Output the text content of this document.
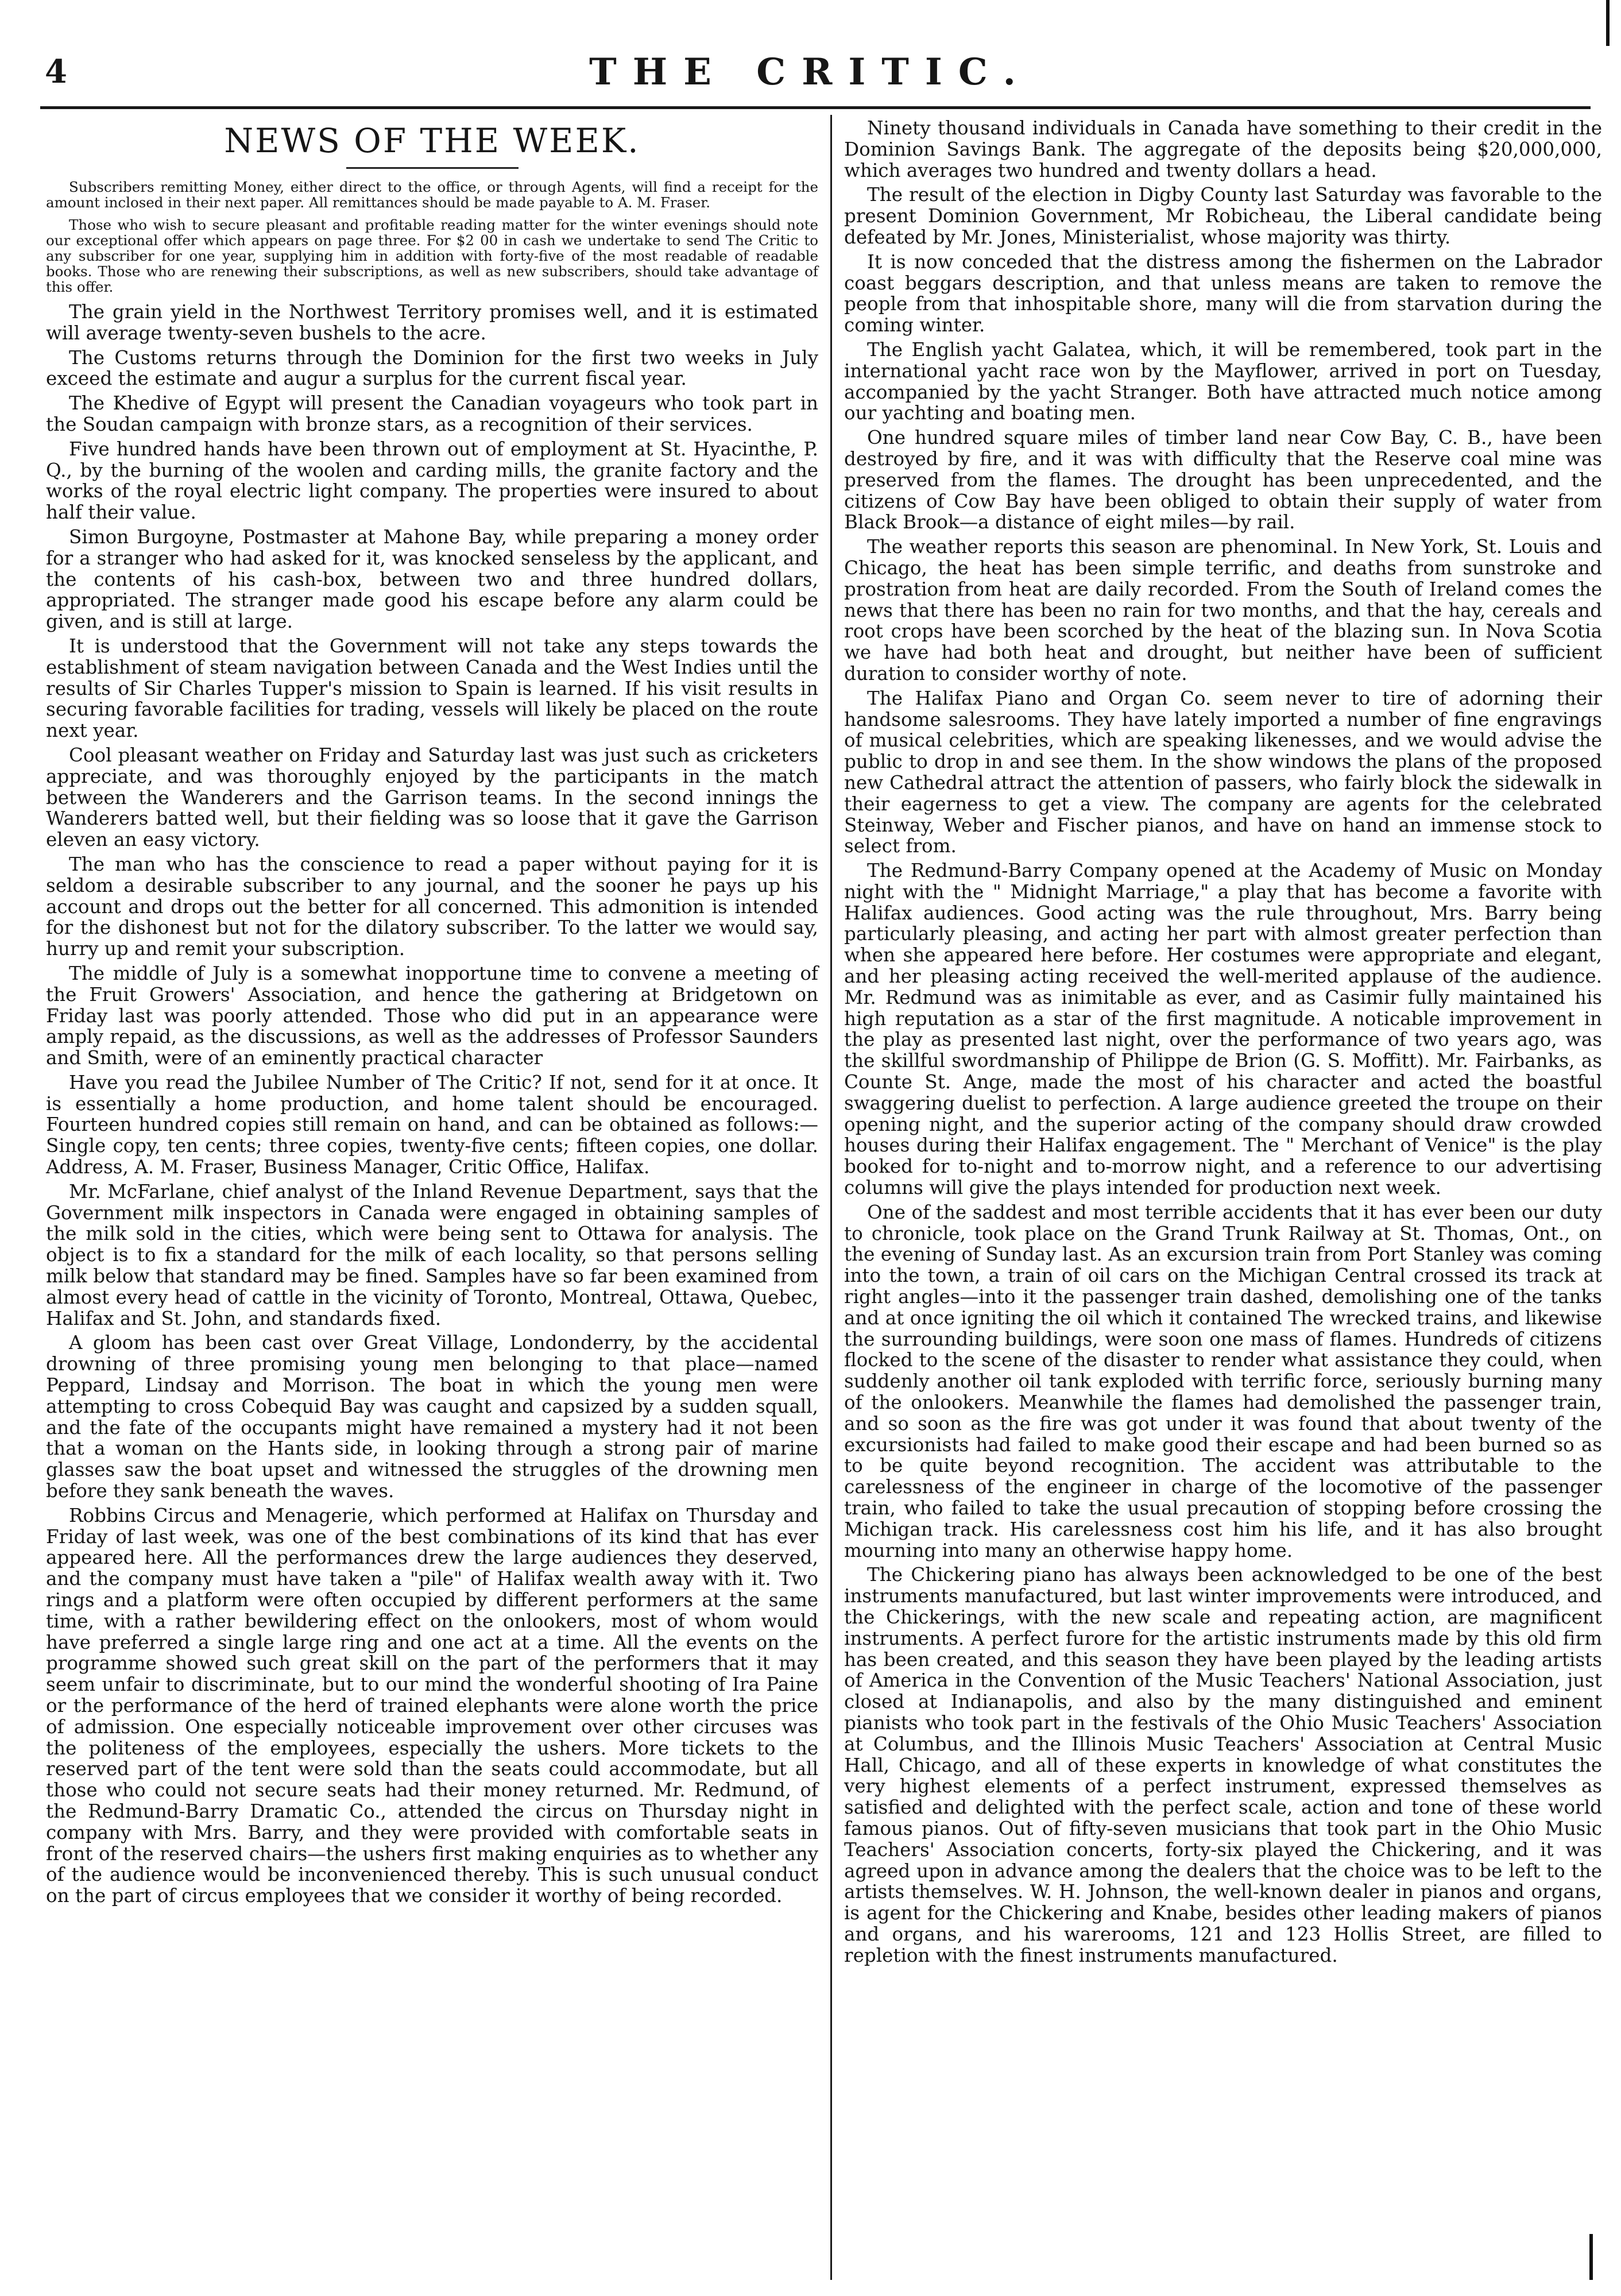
4	THE CRITIC.
NEWS OF THE WEEK.

Subscribers remitting Money, either direct to the office, or through Agents, will find a receipt for the amount inclosed in their next paper. All remittances should be made payable to A. M. Fraser.

Those who wish to secure pleasant and profitable reading matter for the winter evenings should note our exceptional offer which appears on page three. For $2 00 in cash we undertake to send The Critic to any subscriber for one year, supplying him in addition with forty-five of the most readable of readable books. Those who are renewing their subscriptions, as well as new subscribers, should take advantage of this offer.

The grain yield in the Northwest Territory promises well, and it is estimated will average twenty-seven bushels to the acre.

The Customs returns through the Dominion for the first two weeks in July exceed the estimate and augur a surplus for the current fiscal year.

The Khedive of Egypt will present the Canadian voyageurs who took part in the Soudan campaign with bronze stars, as a recognition of their services.

Five hundred hands have been thrown out of employment at St. Hyacinthe, P. Q., by the burning of the woolen and carding mills, the granite factory and the works of the royal electric light company. The properties were insured to about half their value.

Simon Burgoyne, Postmaster at Mahone Bay, while preparing a money order for a stranger who had asked for it, was knocked senseless by the applicant, and the contents of his cash-box, between two and three hundred dollars, appropriated. The stranger made good his escape before any alarm could be given, and is still at large.

It is understood that the Government will not take any steps towards the establishment of steam navigation between Canada and the West Indies until the results of Sir Charles Tupper's mission to Spain is learned. If his visit results in securing favorable facilities for trading, vessels will likely be placed on the route next year.

Cool pleasant weather on Friday and Saturday last was just such as cricketers appreciate, and was thoroughly enjoyed by the participants in the match between the Wanderers and the Garrison teams. In the second innings the Wanderers batted well, but their fielding was so loose that it gave the Garrison eleven an easy victory.

The man who has the conscience to read a paper without paying for it is seldom a desirable subscriber to any journal, and the sooner he pays up his account and drops out the better for all concerned. This admonition is intended for the dishonest but not for the dilatory subscriber. To the latter we would say, hurry up and remit your subscription.

The middle of July is a somewhat inopportune time to convene a meeting of the Fruit Growers' Association, and hence the gathering at Bridgetown on Friday last was poorly attended. Those who did put in an appearance were amply repaid, as the discussions, as well as the addresses of Professor Saunders and Smith, were of an eminently practical character

Have you read the Jubilee Number of The Critic? If not, send for it at once. It is essentially a home production, and home talent should be encouraged. Fourteen hundred copies still remain on hand, and can be obtained as follows:—Single copy, ten cents; three copies, twenty-five cents; fifteen copies, one dollar. Address, A. M. Fraser, Business Manager, Critic Office, Halifax.

Mr. McFarlane, chief analyst of the Inland Revenue Department, says that the Government milk inspectors in Canada were engaged in obtaining samples of the milk sold in the cities, which were being sent to Ottawa for analysis. The object is to fix a standard for the milk of each locality, so that persons selling milk below that standard may be fined. Samples have so far been examined from almost every head of cattle in the vicinity of Toronto, Montreal, Ottawa, Quebec, Halifax and St. John, and standards fixed.

A gloom has been cast over Great Village, Londonderry, by the accidental drowning of three promising young men belonging to that place—named Peppard, Lindsay and Morrison. The boat in which the young men were attempting to cross Cobequid Bay was caught and capsized by a sudden squall, and the fate of the occupants might have remained a mystery had it not been that a woman on the Hants side, in looking through a strong pair of marine glasses saw the boat upset and witnessed the struggles of the drowning men before they sank beneath the waves.

Robbins Circus and Menagerie, which performed at Halifax on Thursday and Friday of last week, was one of the best combinations of its kind that has ever appeared here. All the performances drew the large audiences they deserved, and the company must have taken a "pile" of Halifax wealth away with it. Two rings and a platform were often occupied by different performers at the same time, with a rather bewildering effect on the onlookers, most of whom would have preferred a single large ring and one act at a time. All the events on the programme showed such great skill on the part of the performers that it may seem unfair to discriminate, but to our mind the wonderful shooting of Ira Paine or the performance of the herd of trained elephants were alone worth the price of admission. One especially noticeable improvement over other circuses was the politeness of the employees, especially the ushers. More tickets to the reserved part of the tent were sold than the seats could accommodate, but all those who could not secure seats had their money returned. Mr. Redmund, of the Redmund-Barry Dramatic Co., attended the circus on Thursday night in company with Mrs. Barry, and they were provided with comfortable seats in front of the reserved chairs—the ushers first making enquiries as to whether any of the audience would be inconvenienced thereby. This is such unusual conduct on the part of circus employees that we consider it worthy of being recorded.

Ninety thousand individuals in Canada have something to their credit in the Dominion Savings Bank. The aggregate of the deposits being $20,000,000, which averages two hundred and twenty dollars a head.

The result of the election in Digby County last Saturday was favorable to the present Dominion Government, Mr Robicheau, the Liberal candidate being defeated by Mr. Jones, Ministerialist, whose majority was thirty.

It is now conceded that the distress among the fishermen on the Labrador coast beggars description, and that unless means are taken to remove the people from that inhospitable shore, many will die from starvation during the coming winter.

The English yacht Galatea, which, it will be remembered, took part in the international yacht race won by the Mayflower, arrived in port on Tuesday, accompanied by the yacht Stranger. Both have attracted much notice among our yachting and boating men.

One hundred square miles of timber land near Cow Bay, C. B., have been destroyed by fire, and it was with difficulty that the Reserve coal mine was preserved from the flames. The drought has been unprecedented, and the citizens of Cow Bay have been obliged to obtain their supply of water from Black Brook—a distance of eight miles—by rail.

The weather reports this season are phenominal. In New York, St. Louis and Chicago, the heat has been simple terrific, and deaths from sunstroke and prostration from heat are daily recorded. From the South of Ireland comes the news that there has been no rain for two months, and that the hay, cereals and root crops have been scorched by the heat of the blazing sun. In Nova Scotia we have had both heat and drought, but neither have been of sufficient duration to consider worthy of note.

The Halifax Piano and Organ Co. seem never to tire of adorning their handsome salesrooms. They have lately imported a number of fine engravings of musical celebrities, which are speaking likenesses, and we would advise the public to drop in and see them. In the show windows the plans of the proposed new Cathedral attract the attention of passers, who fairly block the sidewalk in their eagerness to get a view. The company are agents for the celebrated Steinway, Weber and Fischer pianos, and have on hand an immense stock to select from.

The Redmund-Barry Company opened at the Academy of Music on Monday night with the " Midnight Marriage," a play that has become a favorite with Halifax audiences. Good acting was the rule throughout, Mrs. Barry being particularly pleasing, and acting her part with almost greater perfection than when she appeared here before. Her costumes were appropriate and elegant, and her pleasing acting received the well-merited applause of the audience. Mr. Redmund was as inimitable as ever, and as Casimir fully maintained his high reputation as a star of the first magnitude. A noticable improvement in the play as presented last night, over the performance of two years ago, was the skillful swordmanship of Philippe de Brion (G. S. Moffitt). Mr. Fairbanks, as Counte St. Ange, made the most of his character and acted the boastful swaggering duelist to perfection. A large audience greeted the troupe on their opening night, and the superior acting of the company should draw crowded houses during their Halifax engagement. The " Merchant of Venice" is the play booked for to-night and to-morrow night, and a reference to our advertising columns will give the plays intended for production next week.

One of the saddest and most terrible accidents that it has ever been our duty to chronicle, took place on the Grand Trunk Railway at St. Thomas, Ont., on the evening of Sunday last. As an excursion train from Port Stanley was coming into the town, a train of oil cars on the Michigan Central crossed its track at right angles—into it the passenger train dashed, demolishing one of the tanks and at once igniting the oil which it contained The wrecked trains, and likewise the surrounding buildings, were soon one mass of flames. Hundreds of citizens flocked to the scene of the disaster to render what assistance they could, when suddenly another oil tank exploded with terrific force, seriously burning many of the onlookers. Meanwhile the flames had demolished the passenger train, and so soon as the fire was got under it was found that about twenty of the excursionists had failed to make good their escape and had been burned so as to be quite beyond recognition. The accident was attributable to the carelessness of the engineer in charge of the locomotive of the passenger train, who failed to take the usual precaution of stopping before crossing the Michigan track. His carelessness cost him his life, and it has also brought mourning into many an otherwise happy home.

The Chickering piano has always been acknowledged to be one of the best instruments manufactured, but last winter improvements were introduced, and the Chickerings, with the new scale and repeating action, are magnificent instruments. A perfect furore for the artistic instruments made by this old firm has been created, and this season they have been played by the leading artists of America in the Convention of the Music Teachers' National Association, just closed at Indianapolis, and also by the many distinguished and eminent pianists who took part in the festivals of the Ohio Music Teachers' Association at Columbus, and the Illinois Music Teachers' Association at Central Music Hall, Chicago, and all of these experts in knowledge of what constitutes the very highest elements of a perfect instrument, expressed themselves as satisfied and delighted with the perfect scale, action and tone of these world famous pianos. Out of fifty-seven musicians that took part in the Ohio Music Teachers' Association concerts, forty-six played the Chickering, and it was agreed upon in advance among the dealers that the choice was to be left to the artists themselves. W. H. Johnson, the well-known dealer in pianos and organs, is agent for the Chickering and Knabe, besides other leading makers of pianos and organs, and his warerooms, 121 and 123 Hollis Street, are filled to repletion with the finest instruments manufactured.
